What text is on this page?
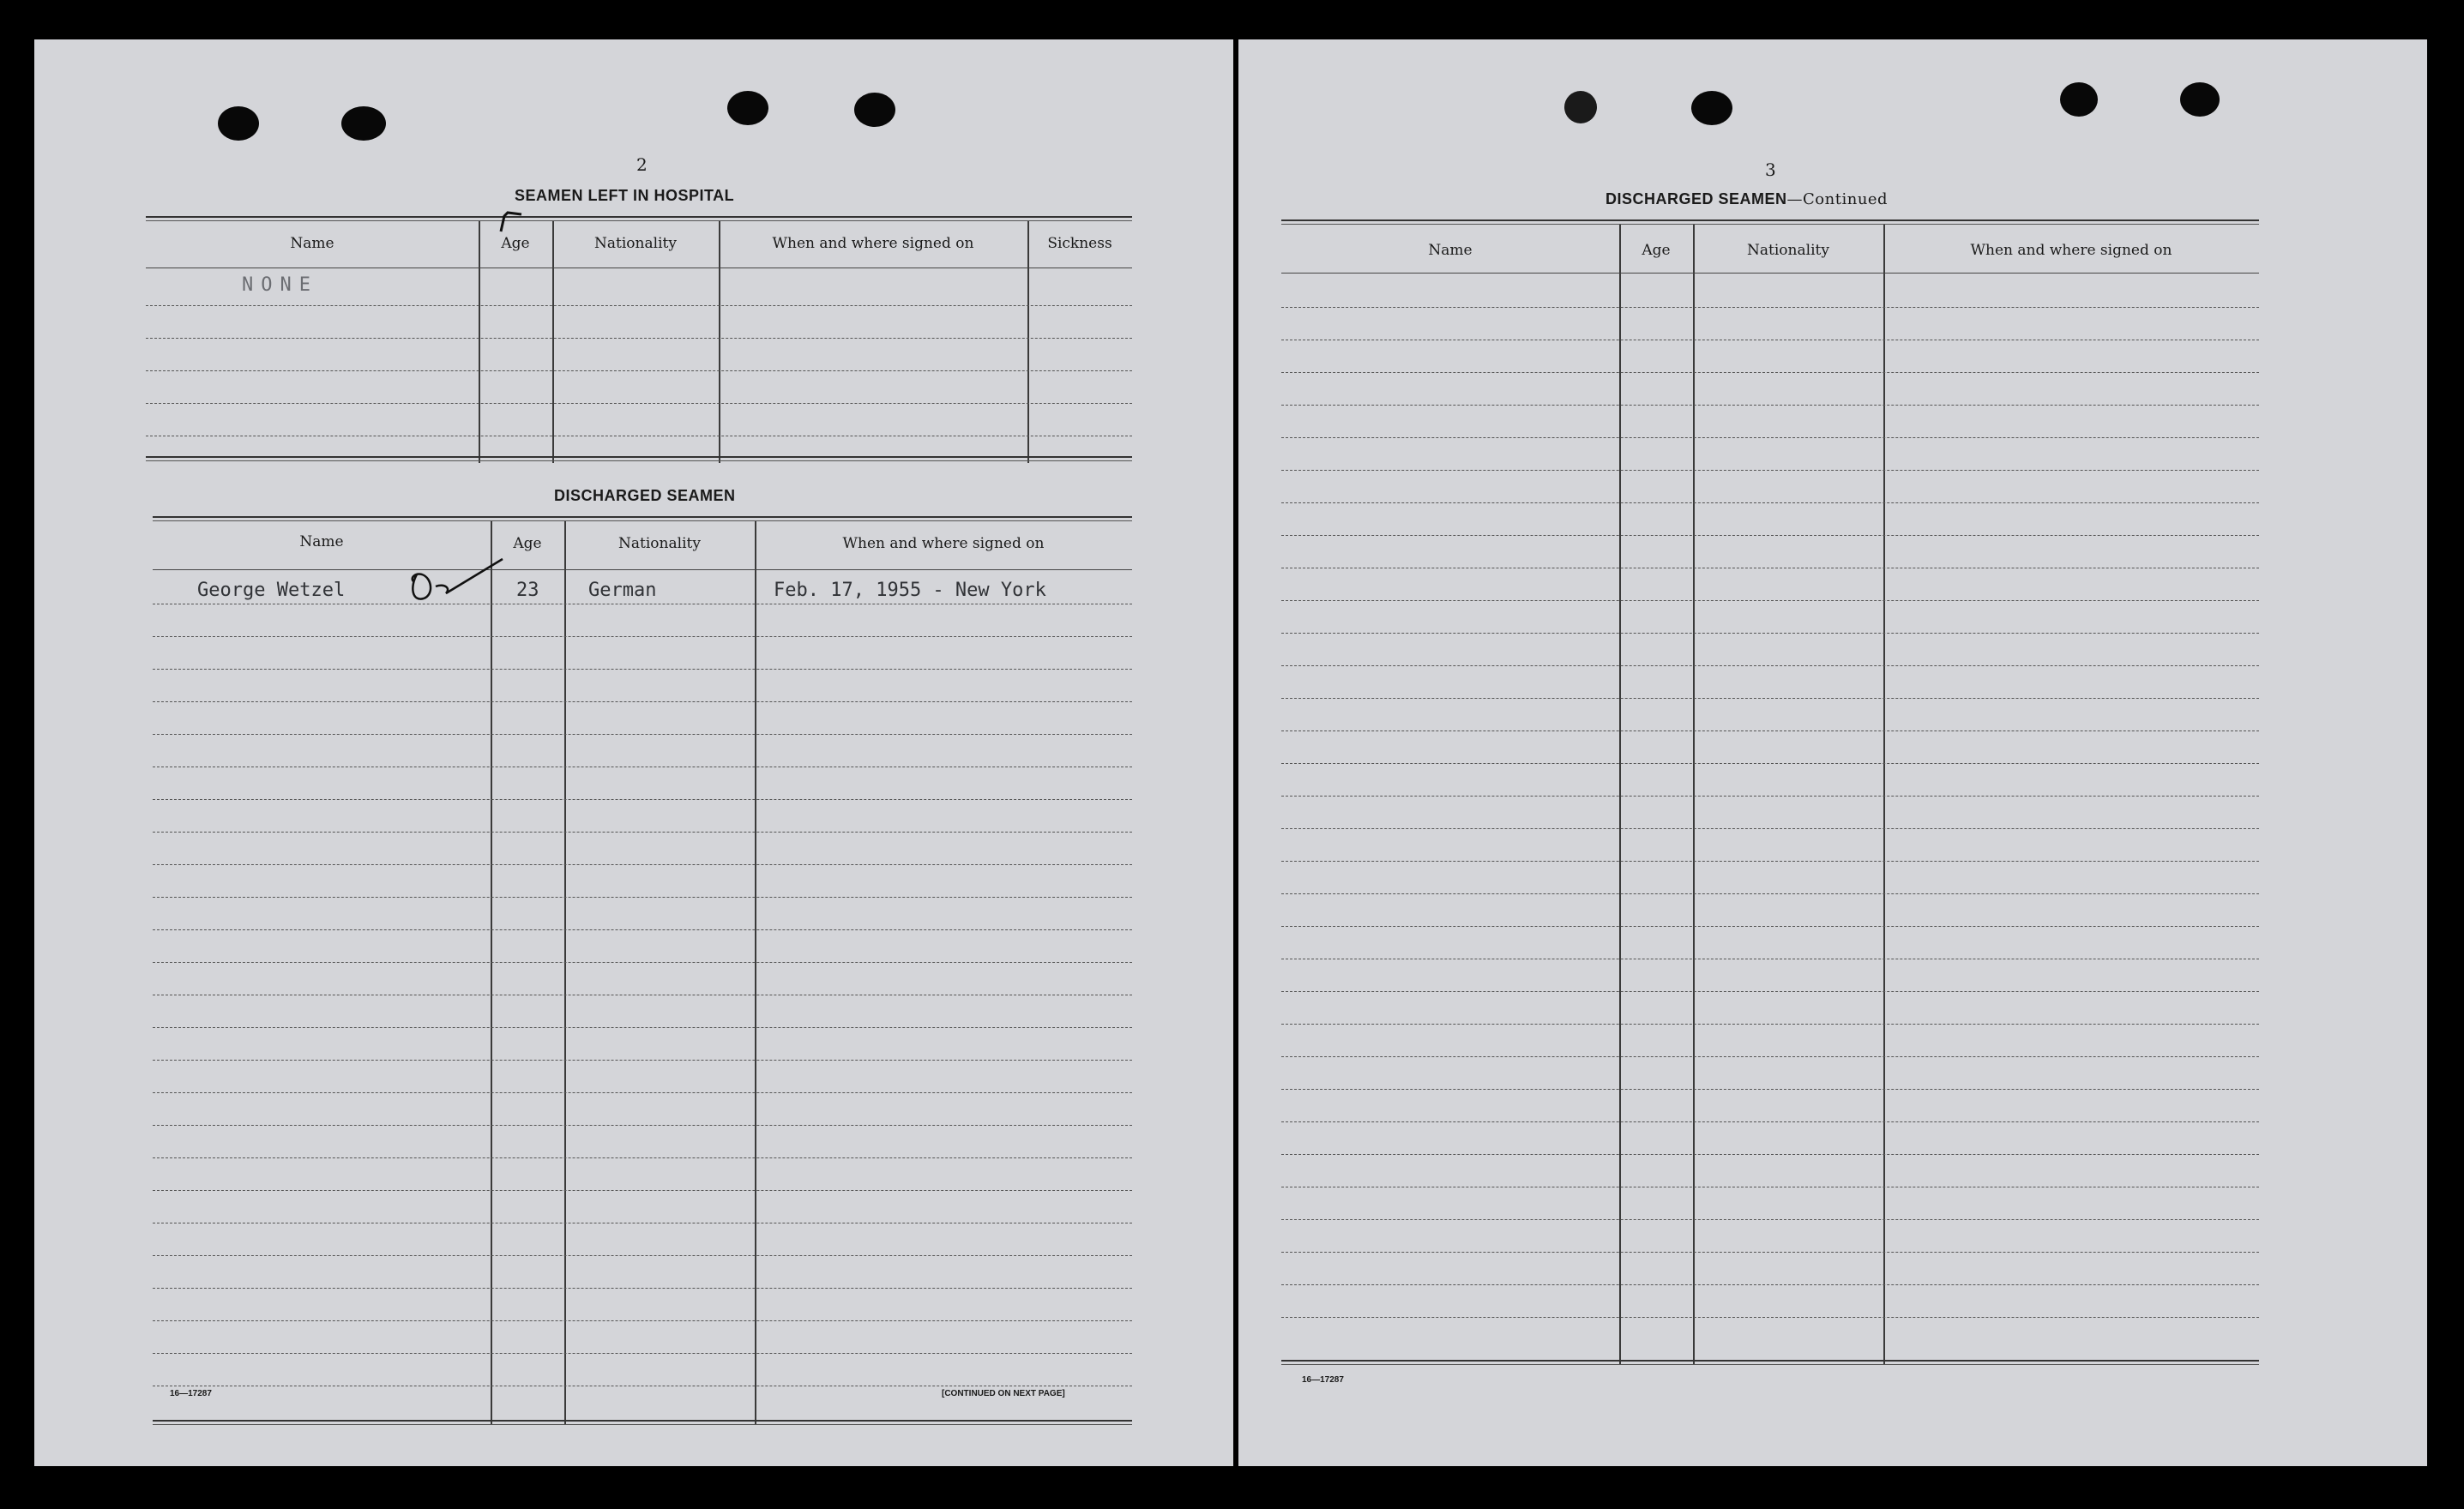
2
SEAMEN LEFT IN HOSPITAL
Name	Age	Nationality	When and where signed on	Sickness
NONE
DISCHARGED SEAMEN
Name	Age	Nationality	When and where signed on
George Wetzel	23	German	Feb. 17, 1955 - New York
16—17287	[CONTINUED ON NEXT PAGE]
3
DISCHARGED SEAMEN—Continued
Name	Age	Nationality	When and where signed on
16—17287
